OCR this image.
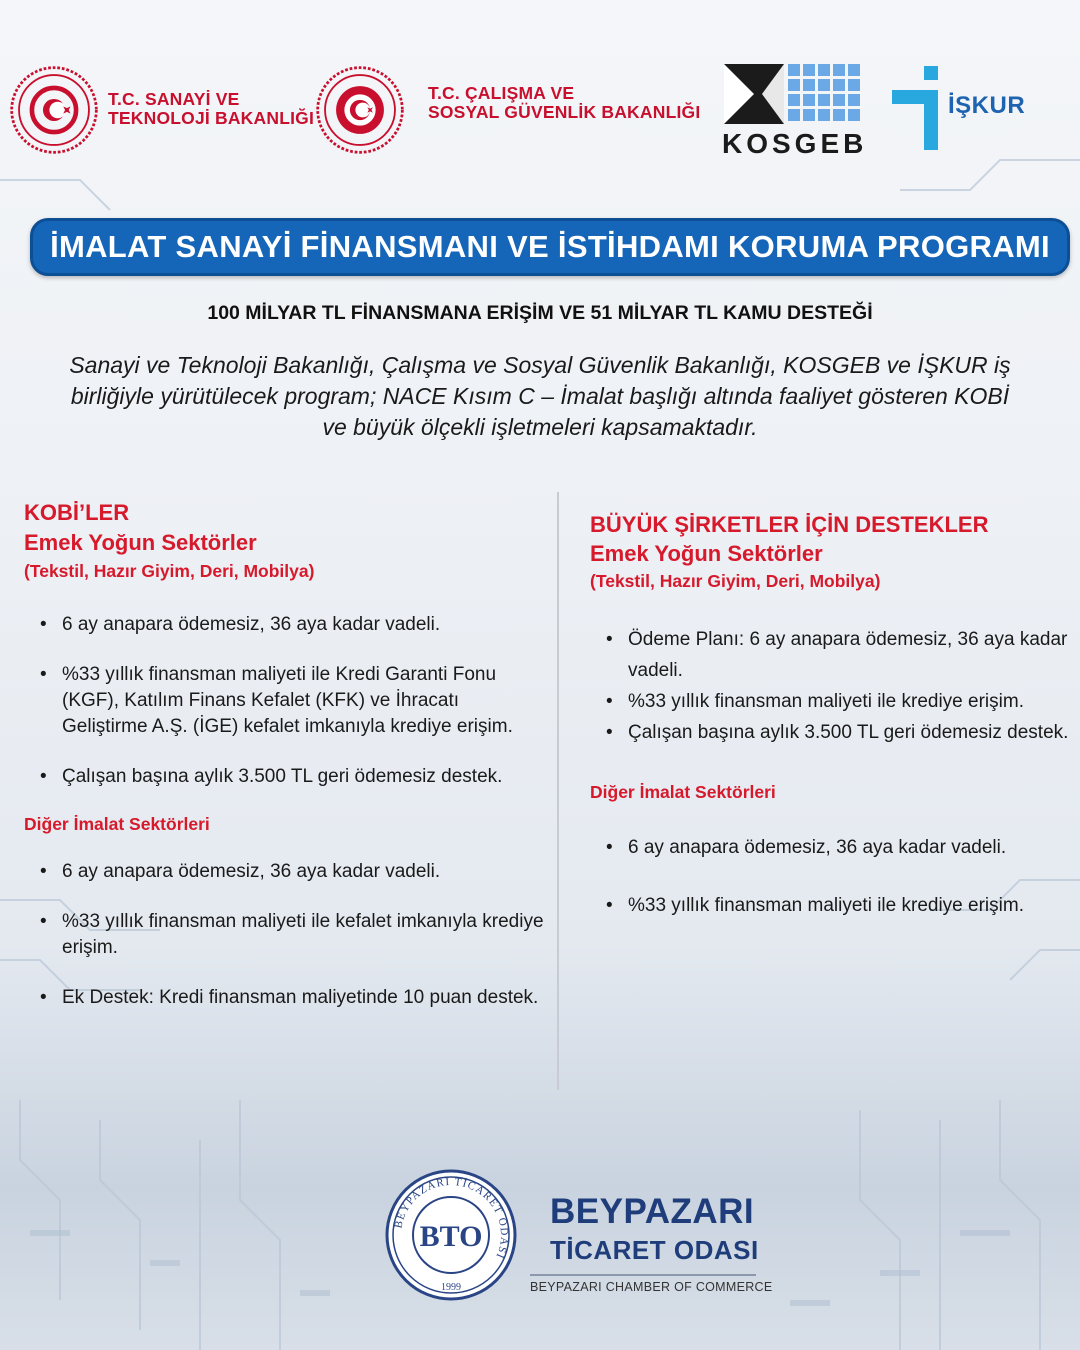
T.C. SANAYİ VE
TEKNOLOJİ BAKANLIĞI
T.C. ÇALIŞMA VE
SOSYAL GÜVENLİK BAKANLIĞI
KOSGEB
İŞKUR
İMALAT SANAYİ FİNANSMANI VE İSTİHDAMI KORUMA PROGRAMI
100 MİLYAR TL FİNANSMANA ERİŞİM VE 51 MİLYAR TL KAMU DESTEĞİ
Sanayi ve Teknoloji Bakanlığı, Çalışma ve Sosyal Güvenlik Bakanlığı, KOSGEB ve İŞKUR iş birliğiyle yürütülecek program; NACE Kısım C – İmalat başlığı altında faaliyet gösteren KOBİ ve büyük ölçekli işletmeleri kapsamaktadır.
KOBİ’LER
Emek Yoğun Sektörler
(Tekstil, Hazır Giyim, Deri, Mobilya)
• 6 ay anapara ödemesiz, 36 aya kadar vadeli.
• %33 yıllık finansman maliyeti ile Kredi Garanti Fonu (KGF), Katılım Finans Kefalet (KFK) ve İhracatı Geliştirme A.Ş. (İGE) kefalet imkanıyla krediye erişim.
• Çalışan başına aylık 3.500 TL geri ödemesiz destek.
Diğer İmalat Sektörleri
• 6 ay anapara ödemesiz, 36 aya kadar vadeli.
• %33 yıllık finansman maliyeti ile kefalet imkanıyla krediye erişim.
• Ek Destek: Kredi finansman maliyetinde 10 puan destek.
BÜYÜK ŞİRKETLER İÇİN DESTEKLER
Emek Yoğun Sektörler
(Tekstil, Hazır Giyim, Deri, Mobilya)
• Ödeme Planı: 6 ay anapara ödemesiz, 36 aya kadar vadeli.
• %33 yıllık finansman maliyeti ile krediye erişim.
• Çalışan başına aylık 3.500 TL geri ödemesiz destek.
Diğer İmalat Sektörleri
• 6 ay anapara ödemesiz, 36 aya kadar vadeli.
• %33 yıllık finansman maliyeti ile krediye erişim.
BEYPAZARI TİCARET ODASI
BTO
1999
BEYPAZARI
TİCARET ODASI
BEYPAZARI CHAMBER OF COMMERCE
